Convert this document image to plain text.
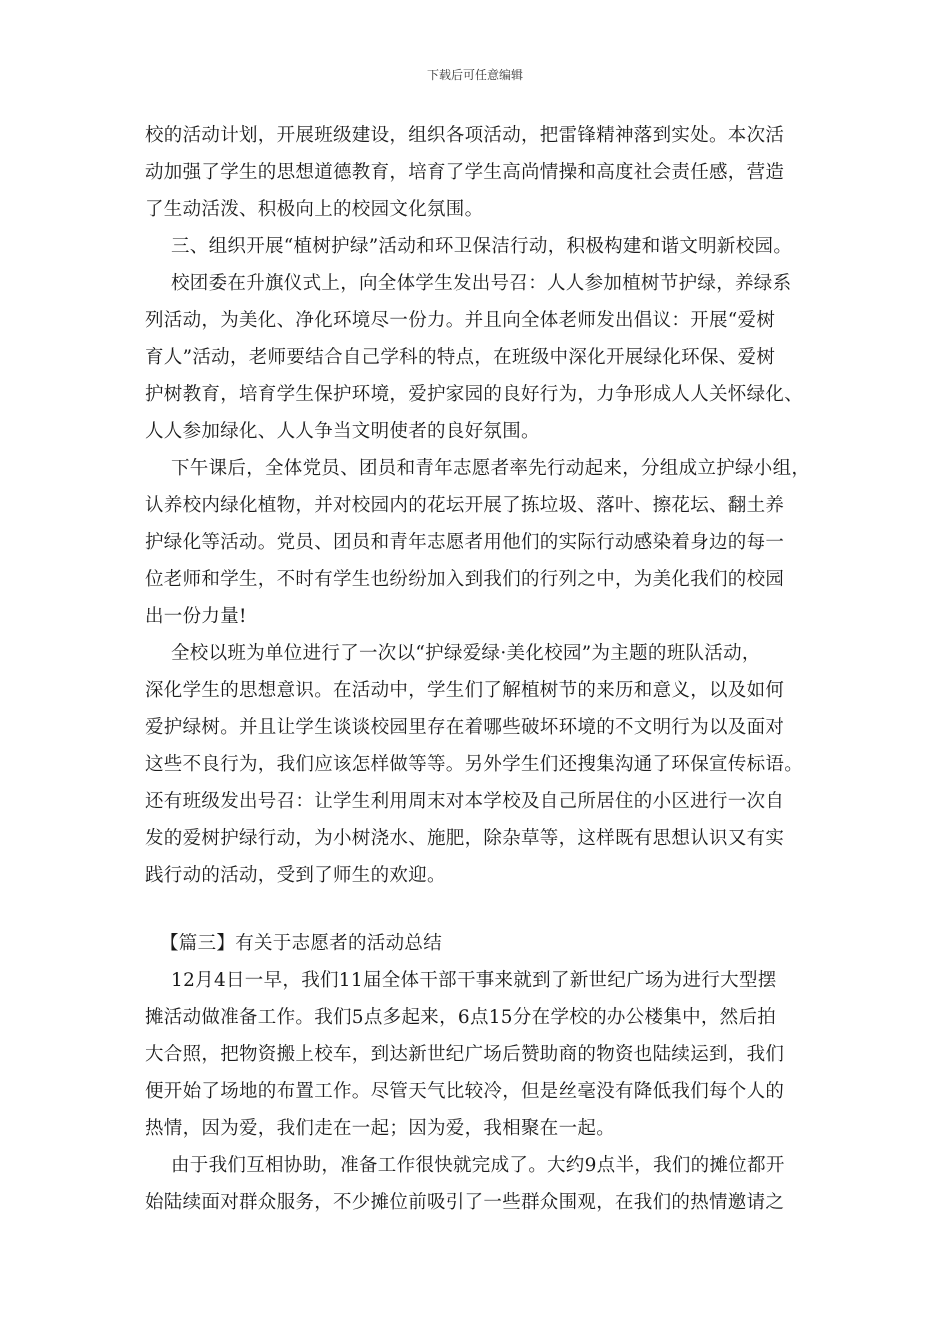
下载后可任意编辑
校的活动计划，开展班级建设，组织各项活动，把雷锋精神落到实处。本次活
动加强了学生的思想道德教育，培育了学生高尚情操和高度社会责任感，营造
了生动活泼、积极向上的校园文化氛围。
三、组织开展“植树护绿”活动和环卫保洁行动，积极构建和谐文明新校园。
校团委在升旗仪式上，向全体学生发出号召：人人参加植树节护绿，养绿系
列活动，为美化、净化环境尽一份力。并且向全体老师发出倡议：开展“爱树
育人”活动，老师要结合自己学科的特点，在班级中深化开展绿化环保、爱树
护树教育，培育学生保护环境，爱护家园的良好行为，力争形成人人关怀绿化、
人人参加绿化、人人争当文明使者的良好氛围。
下午课后，全体党员、团员和青年志愿者率先行动起来，分组成立护绿小组，
认养校内绿化植物，并对校园内的花坛开展了拣垃圾、落叶、擦花坛、翻土养
护绿化等活动。党员、团员和青年志愿者用他们的实际行动感染着身边的每一
位老师和学生，不时有学生也纷纷加入到我们的行列之中，为美化我们的校园
出一份力量!
全校以班为单位进行了一次以“护绿爱绿·美化校园”为主题的班队活动，
深化学生的思想意识。在活动中，学生们了解植树节的来历和意义，以及如何
爱护绿树。并且让学生谈谈校园里存在着哪些破坏环境的不文明行为以及面对
这些不良行为，我们应该怎样做等等。另外学生们还搜集沟通了环保宣传标语。
还有班级发出号召：让学生利用周末对本学校及自己所居住的小区进行一次自
发的爱树护绿行动，为小树浇水、施肥，除杂草等，这样既有思想认识又有实
践行动的活动，受到了师生的欢迎。
【篇三】有关于志愿者的活动总结
12月4日一早，我们11届全体干部干事来就到了新世纪广场为进行大型摆
摊活动做准备工作。我们5点多起来，6点15分在学校的办公楼集中，然后拍
大合照，把物资搬上校车，到达新世纪广场后赞助商的物资也陆续运到，我们
便开始了场地的布置工作。尽管天气比较冷，但是丝毫没有降低我们每个人的
热情，因为爱，我们走在一起；因为爱，我相聚在一起。
由于我们互相协助，准备工作很快就完成了。大约9点半，我们的摊位都开
始陆续面对群众服务，不少摊位前吸引了一些群众围观，在我们的热情邀请之
